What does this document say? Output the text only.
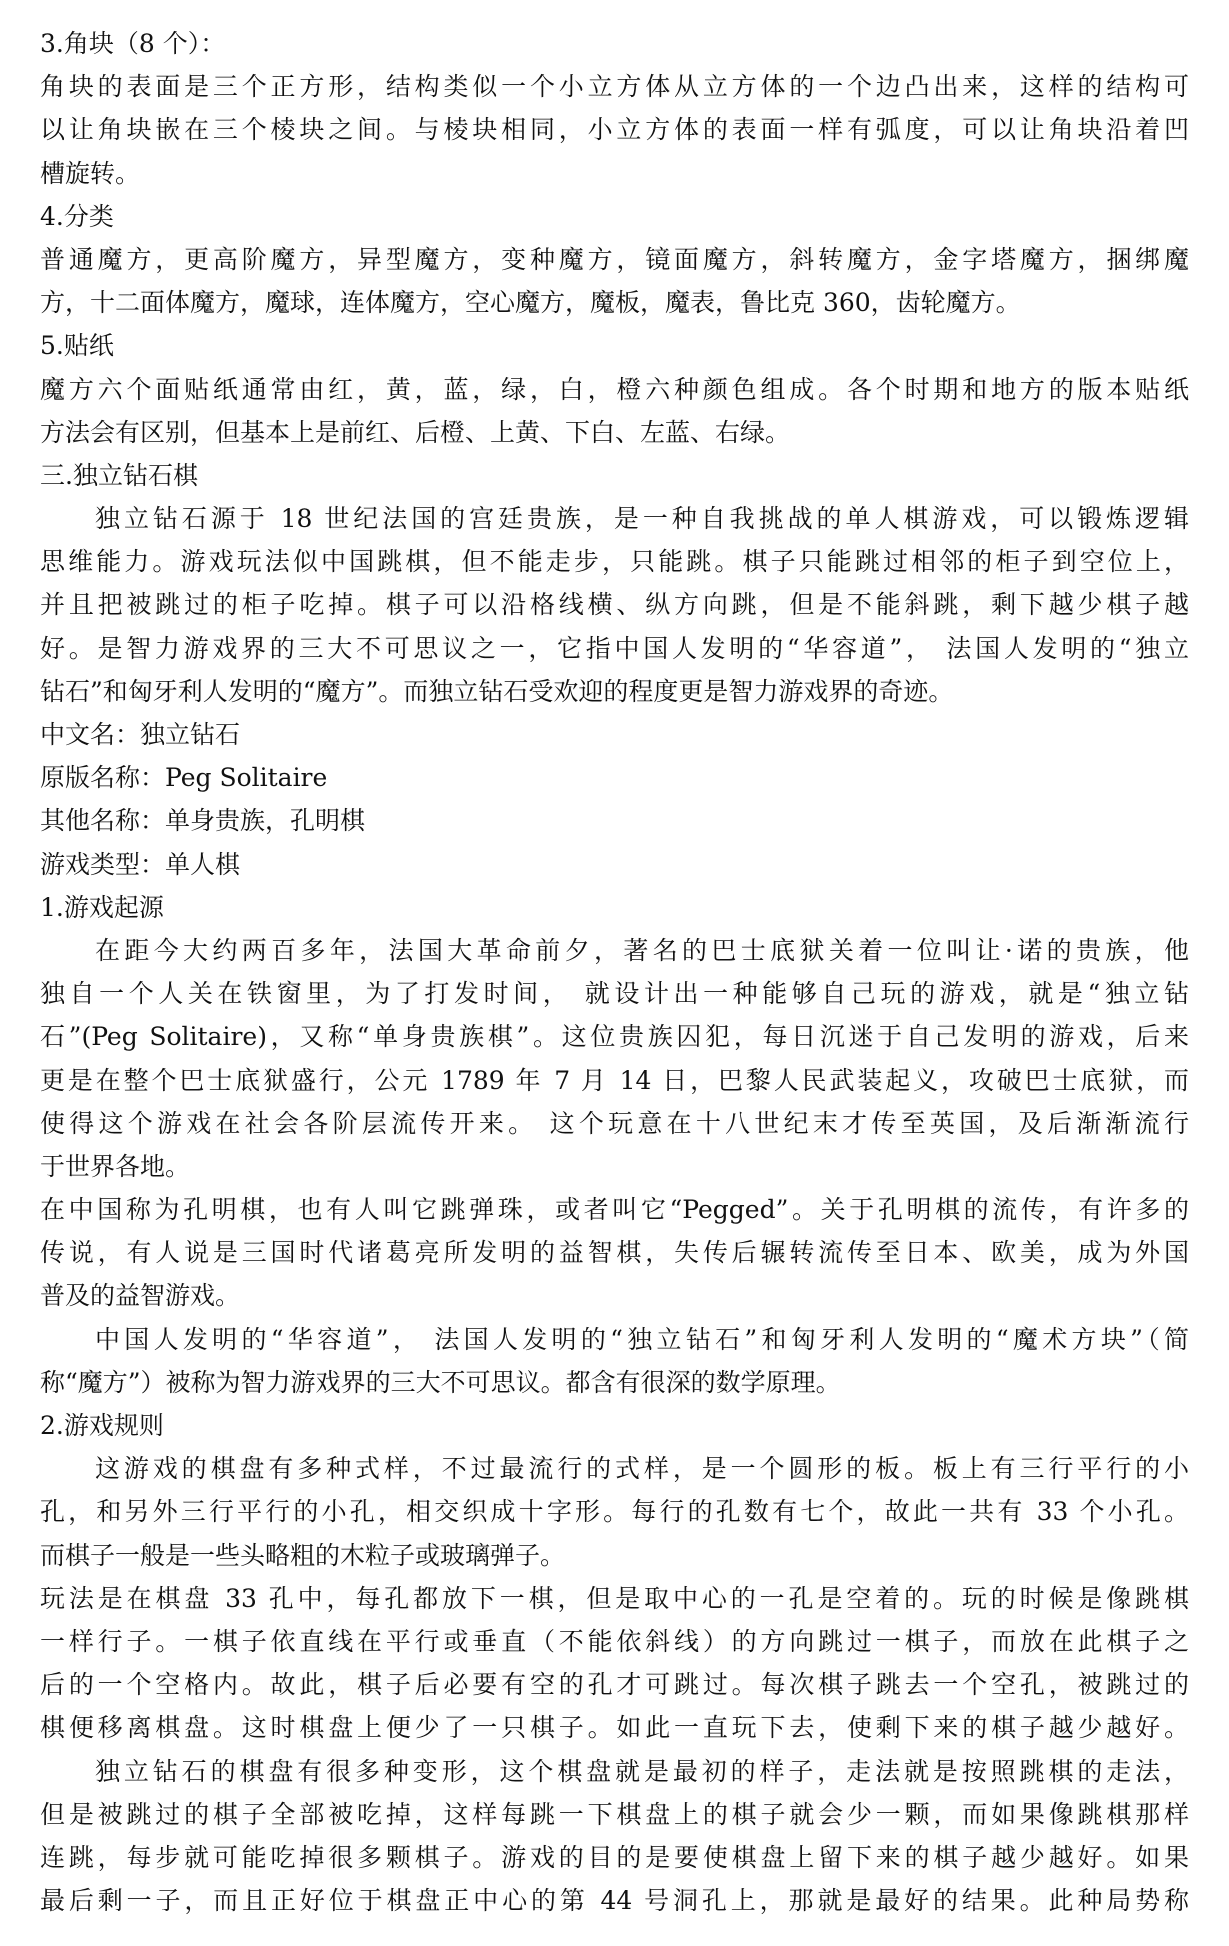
3.角块（8 个）：
角块的表面是三个正方形，结构类似一个小立方体从立方体的一个边凸出来，这样的结构可
以让角块嵌在三个棱块之间。与棱块相同，小立方体的表面一样有弧度，可以让角块沿着凹
槽旋转。
4.分类
普通魔方，更高阶魔方，异型魔方，变种魔方，镜面魔方，斜转魔方，金字塔魔方，捆绑魔
方，十二面体魔方，魔球，连体魔方，空心魔方，魔板，魔表，鲁比克 360，齿轮魔方。
5.贴纸
魔方六个面贴纸通常由红，黄，蓝，绿，白，橙六种颜色组成。各个时期和地方的版本贴纸
方法会有区别，但基本上是前红、后橙、上黄、下白、左蓝、右绿。
三.独立钻石棋
独立钻石源于 18 世纪法国的宫廷贵族，是一种自我挑战的单人棋游戏，可以锻炼逻辑
思维能力。游戏玩法似中国跳棋，但不能走步，只能跳。棋子只能跳过相邻的柜子到空位上，
并且把被跳过的柜子吃掉。棋子可以沿格线横、纵方向跳，但是不能斜跳，剩下越少棋子越
好。是智力游戏界的三大不可思议之一，它指中国人发明的“华容道”， 法国人发明的“独立
钻石”和匈牙利人发明的“魔方”。而独立钻石受欢迎的程度更是智力游戏界的奇迹。
中文名：独立钻石
原版名称：Peg Solitaire
其他名称：单身贵族，孔明棋
游戏类型：单人棋
1.游戏起源
在距今大约两百多年，法国大革命前夕，著名的巴士底狱关着一位叫让·诺的贵族，他
独自一个人关在铁窗里，为了打发时间， 就设计出一种能够自己玩的游戏，就是“独立钻
石”(Peg Solitaire)，又称“单身贵族棋”。这位贵族囚犯，每日沉迷于自己发明的游戏，后来
更是在整个巴士底狱盛行，公元 1789 年 7 月 14 日，巴黎人民武装起义，攻破巴士底狱，而
使得这个游戏在社会各阶层流传开来。 这个玩意在十八世纪末才传至英国，及后渐渐流行
于世界各地。
在中国称为孔明棋，也有人叫它跳弹珠，或者叫它“Pegged”。关于孔明棋的流传，有许多的
传说，有人说是三国时代诸葛亮所发明的益智棋，失传后辗转流传至日本、欧美，成为外国
普及的益智游戏。
中国人发明的“华容道”， 法国人发明的“独立钻石”和匈牙利人发明的“魔术方块”（简
称“魔方”）被称为智力游戏界的三大不可思议。都含有很深的数学原理。
2.游戏规则
这游戏的棋盘有多种式样，不过最流行的式样，是一个圆形的板。板上有三行平行的小
孔，和另外三行平行的小孔，相交织成十字形。每行的孔数有七个，故此一共有 33 个小孔。
而棋子一般是一些头略粗的木粒子或玻璃弹子。
玩法是在棋盘 33 孔中，每孔都放下一棋，但是取中心的一孔是空着的。玩的时候是像跳棋
一样行子。一棋子依直线在平行或垂直（不能依斜线）的方向跳过一棋子，而放在此棋子之
后的一个空格内。故此，棋子后必要有空的孔才可跳过。每次棋子跳去一个空孔，被跳过的
棋便移离棋盘。这时棋盘上便少了一只棋子。如此一直玩下去，使剩下来的棋子越少越好。
独立钻石的棋盘有很多种变形，这个棋盘就是最初的样子，走法就是按照跳棋的走法，
但是被跳过的棋子全部被吃掉，这样每跳一下棋盘上的棋子就会少一颗，而如果像跳棋那样
连跳，每步就可能吃掉很多颗棋子。游戏的目的是要使棋盘上留下来的棋子越少越好。如果
最后剩一子，而且正好位于棋盘正中心的第 44 号洞孔上，那就是最好的结果。此种局势称
